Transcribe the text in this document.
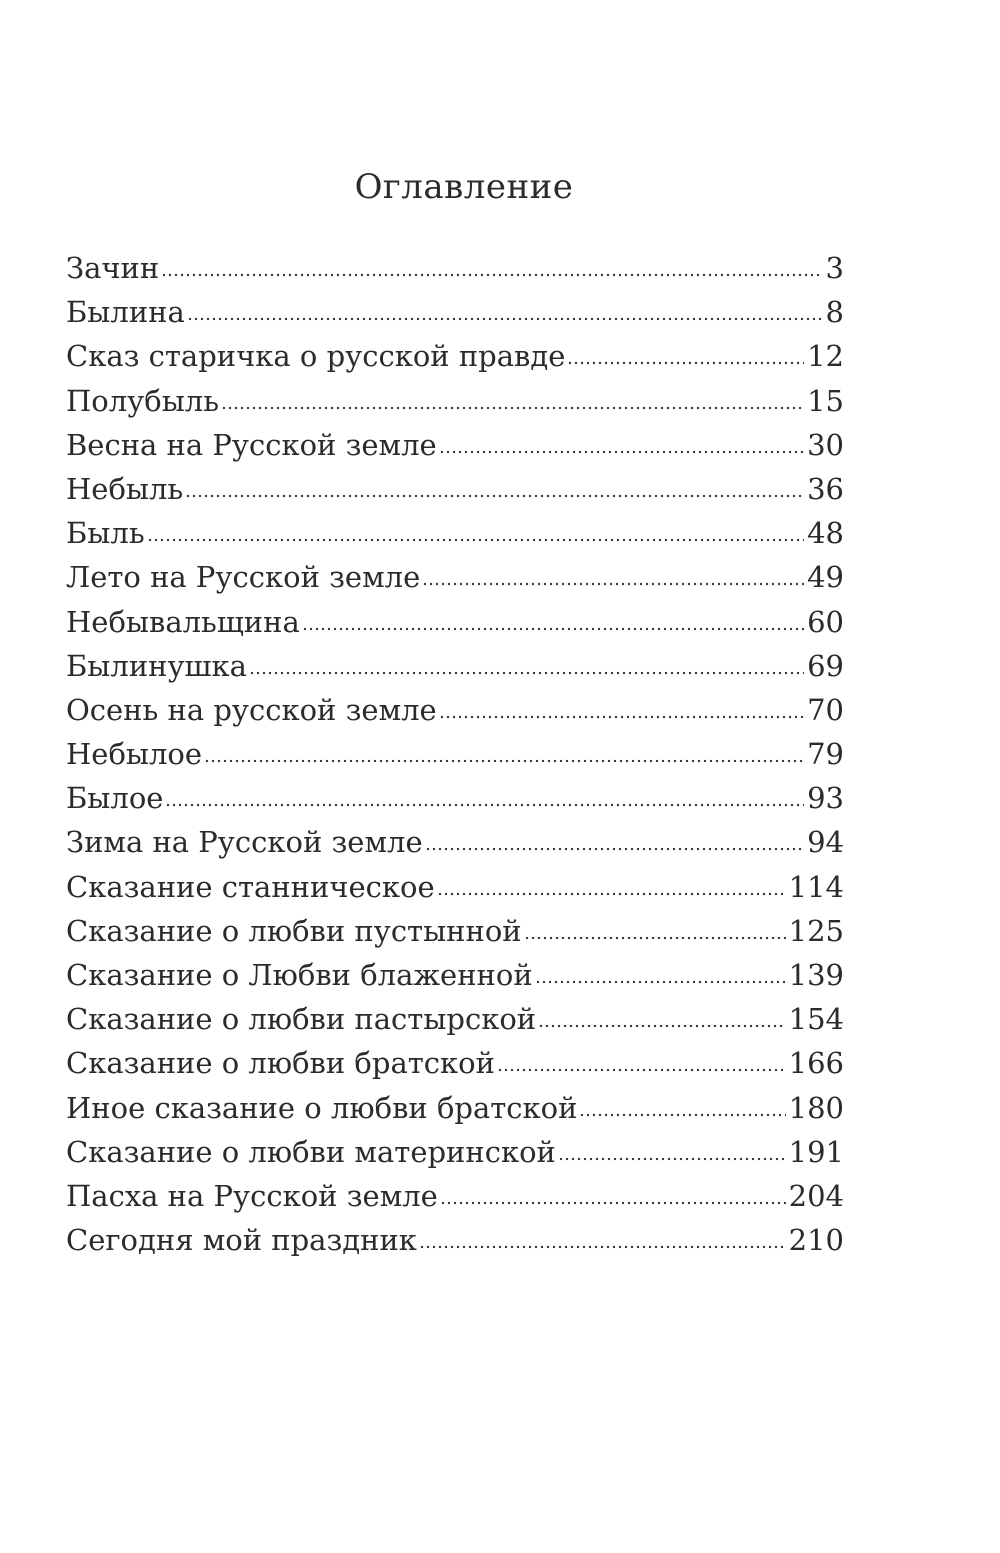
Оглавление
Зачин	3
Былина	8
Сказ старичка о русской правде	12
Полубыль	15
Весна на Русской земле	30
Небыль	36
Быль	48
Лето на Русской земле	49
Небывальщина	60
Былинушка	69
Осень на русской земле	70
Небылое	79
Былое	93
Зима на Русской земле	94
Сказание станническое	114
Сказание о любви пустынной	125
Сказание о Любви блаженной	139
Сказание о любви пастырской	154
Сказание о любви братской	166
Иное сказание о любви братской	180
Сказание о любви материнской	191
Пасха на Русской земле	204
Сегодня мой праздник	210
